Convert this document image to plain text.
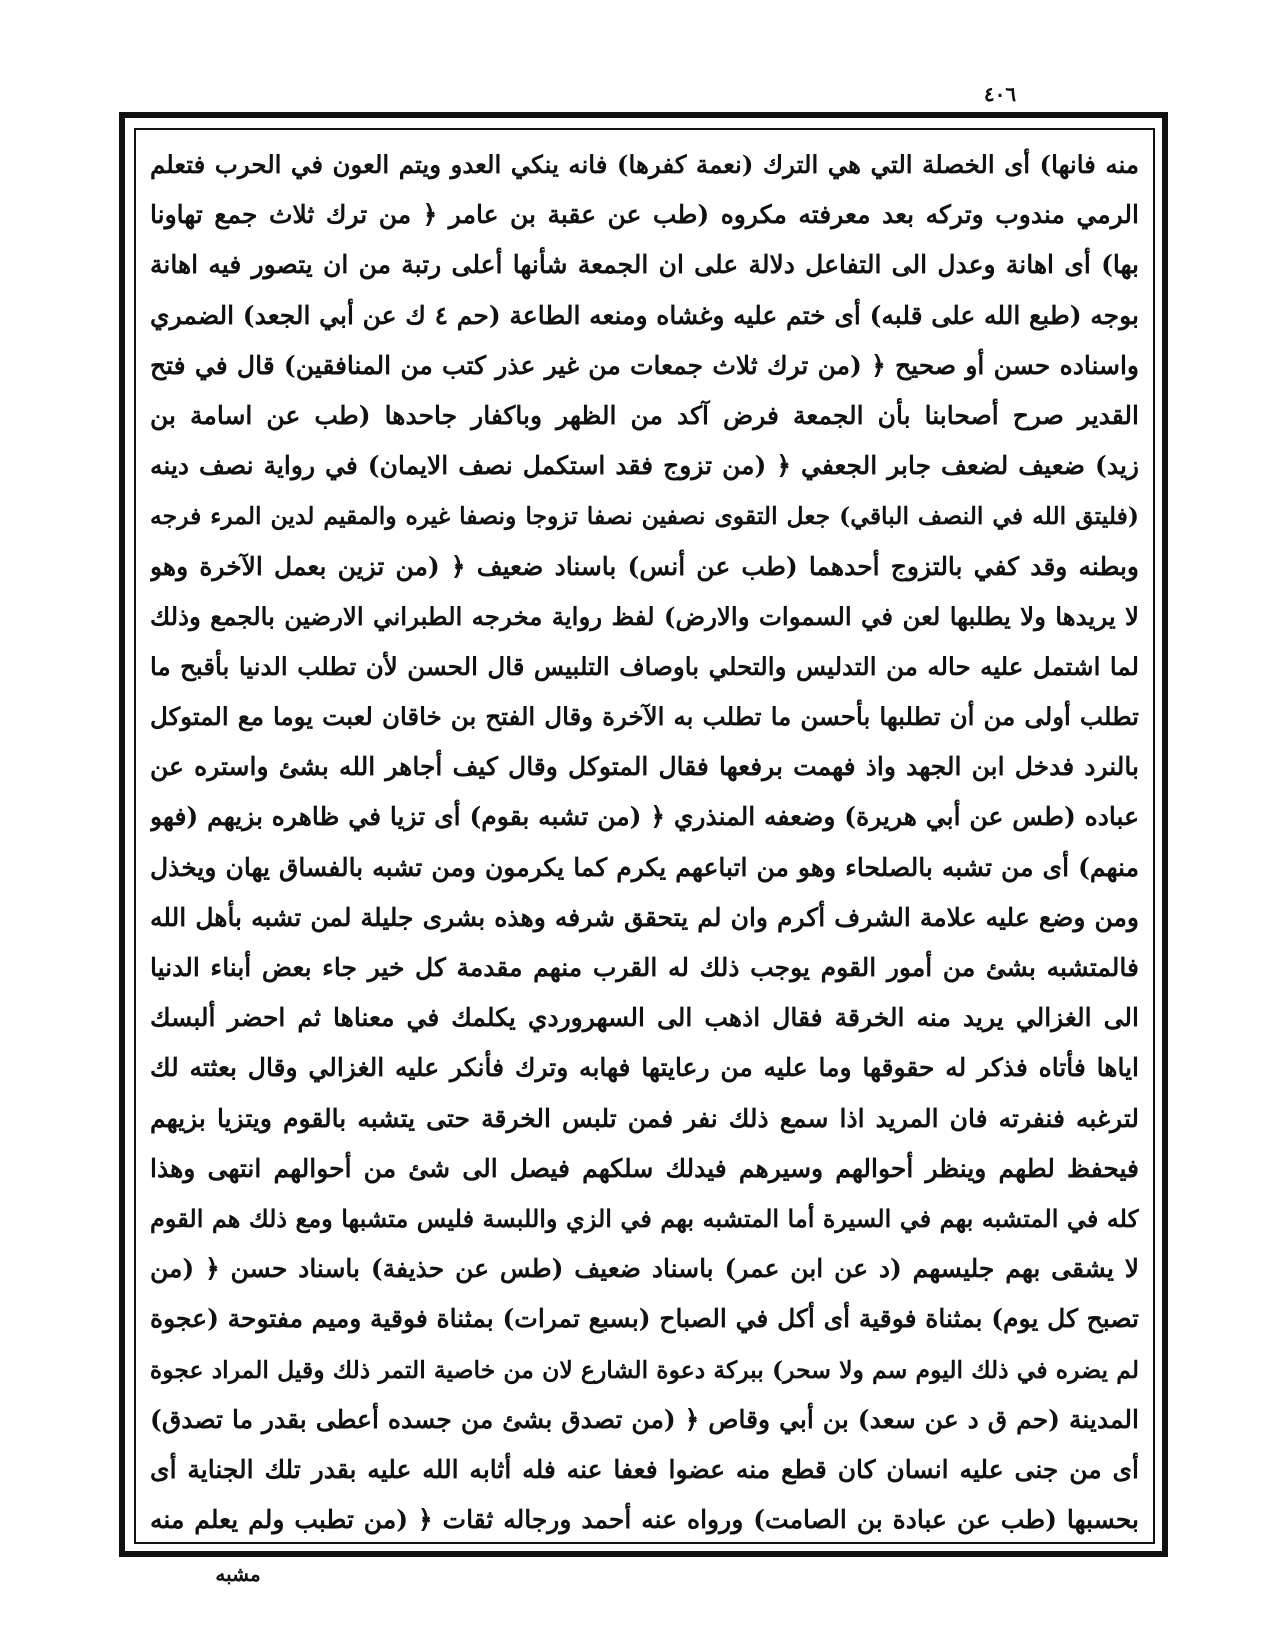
٤٠٦
منه فانها) أى الخصلة التي هي الترك (نعمة كفرها) فانه ينكي العدو ويتم العون في الحرب فتعلم
الرمي مندوب وتركه بعد معرفته مكروه (طب عن عقبة بن عامر ﴿ من ترك ثلاث جمع تهاونا
بها) أى اهانة وعدل الى التفاعل دلالة على ان الجمعة شأنها أعلى رتبة من ان يتصور فيه اهانة
بوجه (طبع الله على قلبه) أى ختم عليه وغشاه ومنعه الطاعة (حم ٤ ك عن أبي الجعد) الضمري
واسناده حسن أو صحيح ﴿ (من ترك ثلاث جمعات من غير عذر كتب من المنافقين) قال في فتح
القدير صرح أصحابنا بأن الجمعة فرض آكد من الظهر وباكفار جاحدها (طب عن اسامة بن
زيد) ضعيف لضعف جابر الجعفي ﴿ (من تزوج فقد استكمل نصف الايمان) في رواية نصف دينه
(فليتق الله في النصف الباقي) جعل التقوى نصفين نصفا تزوجا ونصفا غيره والمقيم لدين المرء فرجه
وبطنه وقد كفي بالتزوج أحدهما (طب عن أنس) باسناد ضعيف ﴿ (من تزين بعمل الآخرة وهو
لا يريدها ولا يطلبها لعن في السموات والارض) لفظ رواية مخرجه الطبراني الارضين بالجمع وذلك
لما اشتمل عليه حاله من التدليس والتحلي باوصاف التلبيس قال الحسن لأن تطلب الدنيا بأقبح ما
تطلب أولى من أن تطلبها بأحسن ما تطلب به الآخرة وقال الفتح بن خاقان لعبت يوما مع المتوكل
بالنرد فدخل ابن الجهد واذ فهمت برفعها فقال المتوكل وقال كيف أجاهر الله بشئ واستره عن
عباده (طس عن أبي هريرة) وضعفه المنذري ﴿ (من تشبه بقوم) أى تزيا في ظاهره بزيهم (فهو
منهم) أى من تشبه بالصلحاء وهو من اتباعهم يكرم كما يكرمون ومن تشبه بالفساق يهان ويخذل
ومن وضع عليه علامة الشرف أكرم وان لم يتحقق شرفه وهذه بشرى جليلة لمن تشبه بأهل الله
فالمتشبه بشئ من أمور القوم يوجب ذلك له القرب منهم مقدمة كل خير جاء بعض أبناء الدنيا
الى الغزالي يريد منه الخرقة فقال اذهب الى السهروردي يكلمك في معناها ثم احضر ألبسك
اياها فأتاه فذكر له حقوقها وما عليه من رعايتها فهابه وترك فأنكر عليه الغزالي وقال بعثته لك
لترغبه فنفرته فان المريد اذا سمع ذلك نفر فمن تلبس الخرقة حتى يتشبه بالقوم ويتزيا بزيهم
فيحفظ لطهم وينظر أحوالهم وسيرهم فيدلك سلكهم فيصل الى شئ من أحوالهم انتهى وهذا
كله في المتشبه بهم في السيرة أما المتشبه بهم في الزي واللبسة فليس متشبها ومع ذلك هم القوم
لا يشقى بهم جليسهم (د عن ابن عمر) باسناد ضعيف (طس عن حذيفة) باسناد حسن ﴿ (من
تصبح كل يوم) بمثناة فوقية أى أكل في الصباح (بسبع تمرات) بمثناة فوقية وميم مفتوحة (عجوة
لم يضره في ذلك اليوم سم ولا سحر) ببركة دعوة الشارع لان من خاصية التمر ذلك وقيل المراد عجوة
المدينة (حم ق د عن سعد) بن أبي وقاص ﴿ (من تصدق بشئ من جسده أعطى بقدر ما تصدق)
أى من جنى عليه انسان كان قطع منه عضوا فعفا عنه فله أثابه الله عليه بقدر تلك الجناية أى
بحسبها (طب عن عبادة بن الصامت) ورواه عنه أحمد ورجاله ثقات ﴿ (من تطبب ولم يعلم منه
مشبه
